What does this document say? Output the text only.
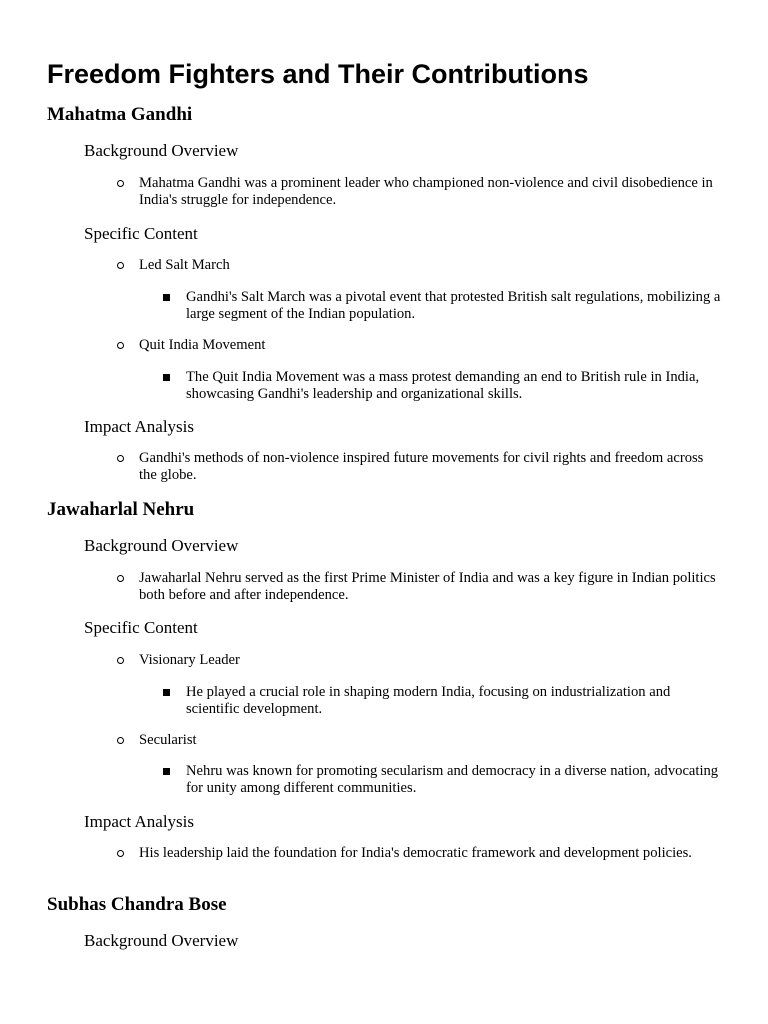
Freedom Fighters and Their Contributions
Mahatma Gandhi
Background Overview

Mahatma Gandhi was a prominent leader who championed non-violence and civil disobedience in India's struggle for independence.

Specific Content

Led Salt March

Gandhi's Salt March was a pivotal event that protested British salt regulations, mobilizing a large segment of the Indian population.

Quit India Movement

The Quit India Movement was a mass protest demanding an end to British rule in India, showcasing Gandhi's leadership and organizational skills.

Impact Analysis

Gandhi's methods of non-violence inspired future movements for civil rights and freedom across the globe.

Jawaharlal Nehru
Background Overview

Jawaharlal Nehru served as the first Prime Minister of India and was a key figure in Indian politics both before and after independence.

Specific Content

Visionary Leader

He played a crucial role in shaping modern India, focusing on industrialization and scientific development.

Secularist

Nehru was known for promoting secularism and democracy in a diverse nation, advocating for unity among different communities.

Impact Analysis

His leadership laid the foundation for India's democratic framework and development policies.

Subhas Chandra Bose
Background Overview
